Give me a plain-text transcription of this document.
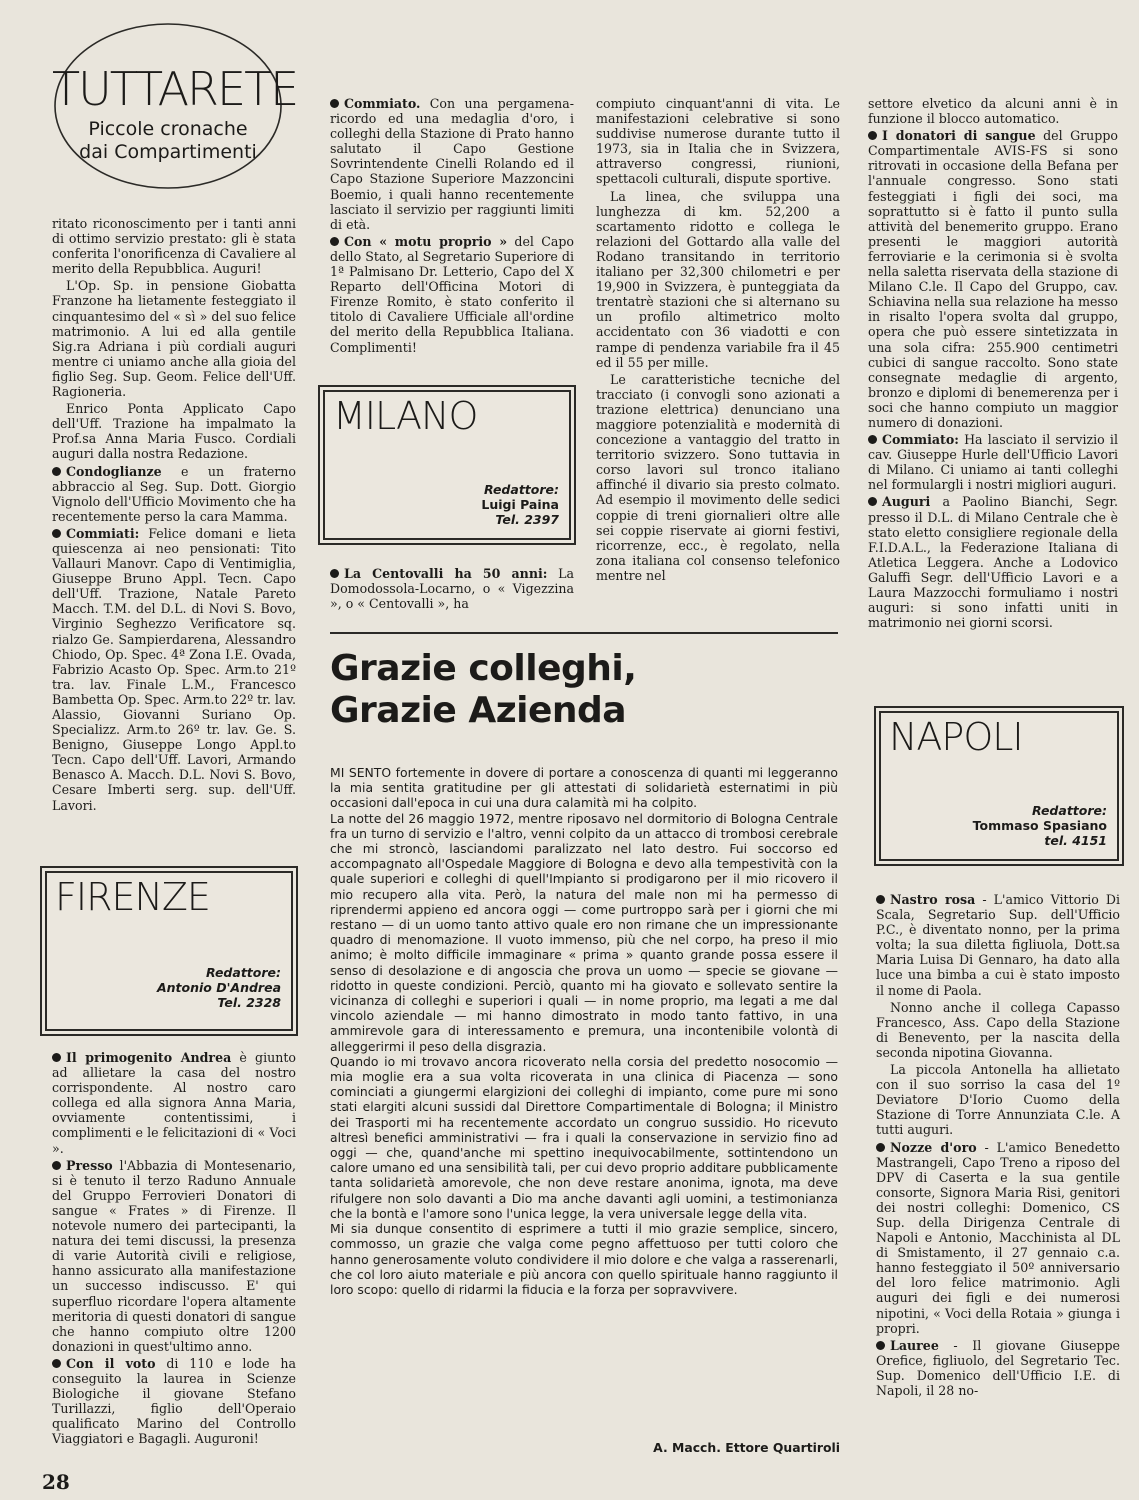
TUTTARETE
Piccole cronache
dai Compartimenti

ritato riconoscimento per i tanti anni di ottimo servizio prestato: gli è stata conferita l'onorificenza di Cavaliere al merito della Repubblica. Auguri!

L'Op. Sp. in pensione Giobatta Franzone ha lietamente festeggiato il cinquantesimo del « sì » del suo felice matrimonio. A lui ed alla gentile Sig.ra Adriana i più cordiali auguri mentre ci uniamo anche alla gioia del figlio Seg. Sup. Geom. Felice dell'Uff. Ragioneria.

Enrico Ponta Applicato Capo dell'Uff. Trazione ha impalmato la Prof.sa Anna Maria Fusco. Cordiali auguri dalla nostra Redazione.

Condoglianze e un fraterno abbraccio al Seg. Sup. Dott. Giorgio Vignolo dell'Ufficio Movimento che ha recentemente perso la cara Mamma.

Commiati: Felice domani e lieta quiescenza ai neo pensionati: Tito Vallauri Manovr. Capo di Ventimiglia, Giuseppe Bruno Appl. Tecn. Capo dell'Uff. Trazione, Natale Pareto Macch. T.M. del D.L. di Novi S. Bovo, Virginio Seghezzo Verificatore sq. rialzo Ge. Sampierdarena, Alessandro Chiodo, Op. Spec. 4ª Zona I.E. Ovada, Fabrizio Acasto Op. Spec. Arm.to 21º tra. lav. Finale L.M., Francesco Bambetta Op. Spec. Arm.to 22º tr. lav. Alassio, Giovanni Suriano Op. Specializz. Arm.to 26º tr. lav. Ge. S. Benigno, Giuseppe Longo Appl.to Tecn. Capo dell'Uff. Lavori, Armando Benasco A. Macch. D.L. Novi S. Bovo, Cesare Imberti serg. sup. dell'Uff. Lavori.

FIRENZE
Redattore:
Antonio D'Andrea
Tel. 2328

Il primogenito Andrea è giunto ad allietare la casa del nostro corrispondente. Al nostro caro collega ed alla signora Anna Maria, ovviamente contentissimi, i complimenti e le felicitazioni di « Voci ».

Presso l'Abbazia di Montesenario, si è tenuto il terzo Raduno Annuale del Gruppo Ferrovieri Donatori di sangue « Frates » di Firenze. Il notevole numero dei partecipanti, la natura dei temi discussi, la presenza di varie Autorità civili e religiose, hanno assicurato alla manifestazione un successo indiscusso. E' qui superfluo ricordare l'opera altamente meritoria di questi donatori di sangue che hanno compiuto oltre 1200 donazioni in quest'ultimo anno.

Con il voto di 110 e lode ha conseguito la laurea in Scienze Biologiche il giovane Stefano Turillazzi, figlio dell'Operaio qualificato Marino del Controllo Viaggiatori e Bagagli. Auguroni!

Commiato. Con una pergamena-ricordo ed una medaglia d'oro, i colleghi della Stazione di Prato hanno salutato il Capo Gestione Sovrintendente Cinelli Rolando ed il Capo Stazione Superiore Mazzoncini Boemio, i quali hanno recentemente lasciato il servizio per raggiunti limiti di età.

Con « motu proprio » del Capo dello Stato, al Segretario Superiore di 1ª Palmisano Dr. Letterio, Capo del X Reparto dell'Officina Motori di Firenze Romito, è stato conferito il titolo di Cavaliere Ufficiale all'ordine del merito della Repubblica Italiana. Complimenti!

MILANO
Redattore:
Luigi Paina
Tel. 2397

La Centovalli ha 50 anni: La Domodossola-Locarno, o « Vigezzina », o « Centovalli », ha

compiuto cinquant'anni di vita. Le manifestazioni celebrative si sono suddivise numerose durante tutto il 1973, sia in Italia che in Svizzera, attraverso congressi, riunioni, spettacoli culturali, dispute sportive.

La linea, che sviluppa una lunghezza di km. 52,200 a scartamento ridotto e collega le relazioni del Gottardo alla valle del Rodano transitando in territorio italiano per 32,300 chilometri e per 19,900 in Svizzera, è punteggiata da trentatrè stazioni che si alternano su un profilo altimetrico molto accidentato con 36 viadotti e con rampe di pendenza variabile fra il 45 ed il 55 per mille.

Le caratteristiche tecniche del tracciato (i convogli sono azionati a trazione elettrica) denunciano una maggiore potenzialità e modernità di concezione a vantaggio del tratto in territorio svizzero. Sono tuttavia in corso lavori sul tronco italiano affinché il divario sia presto colmato. Ad esempio il movimento delle sedici coppie di treni giornalieri oltre alle sei coppie riservate ai giorni festivi, ricorrenze, ecc., è regolato, nella zona italiana col consenso telefonico mentre nel

settore elvetico da alcuni anni è in funzione il blocco automatico.

I donatori di sangue del Gruppo Compartimentale AVIS-FS si sono ritrovati in occasione della Befana per l'annuale congresso. Sono stati festeggiati i figli dei soci, ma soprattutto si è fatto il punto sulla attività del benemerito gruppo. Erano presenti le maggiori autorità ferroviarie e la cerimonia si è svolta nella saletta riservata della stazione di Milano C.le. Il Capo del Gruppo, cav. Schiavina nella sua relazione ha messo in risalto l'opera svolta dal gruppo, opera che può essere sintetizzata in una sola cifra: 255.900 centimetri cubici di sangue raccolto. Sono state consegnate medaglie di argento, bronzo e diplomi di benemerenza per i soci che hanno compiuto un maggior numero di donazioni.

Commiato: Ha lasciato il servizio il cav. Giuseppe Hurle dell'Ufficio Lavori di Milano. Ci uniamo ai tanti colleghi nel formulargli i nostri migliori auguri.

Auguri a Paolino Bianchi, Segr. presso il D.L. di Milano Centrale che è stato eletto consigliere regionale della F.I.D.A.L., la Federazione Italiana di Atletica Leggera. Anche a Lodovico Galuffi Segr. dell'Ufficio Lavori e a Laura Mazzocchi formuliamo i nostri auguri: si sono infatti uniti in matrimonio nei giorni scorsi.

NAPOLI
Redattore:
Tommaso Spasiano
tel. 4151

Nastro rosa - L'amico Vittorio Di Scala, Segretario Sup. dell'Ufficio P.C., è diventato nonno, per la prima volta; la sua diletta figliuola, Dott.sa Maria Luisa Di Gennaro, ha dato alla luce una bimba a cui è stato imposto il nome di Paola.

Nonno anche il collega Capasso Francesco, Ass. Capo della Stazione di Benevento, per la nascita della seconda nipotina Giovanna.

La piccola Antonella ha allietato con il suo sorriso la casa del 1º Deviatore D'Iorio Cuomo della Stazione di Torre Annunziata C.le. A tutti auguri.

Nozze d'oro - L'amico Benedetto Mastrangeli, Capo Treno a riposo del DPV di Caserta e la sua gentile consorte, Signora Maria Risi, genitori dei nostri colleghi: Domenico, CS Sup. della Dirigenza Centrale di Napoli e Antonio, Macchinista al DL di Smistamento, il 27 gennaio c.a. hanno festeggiato il 50º anniversario del loro felice matrimonio. Agli auguri dei figli e dei numerosi nipotini, « Voci della Rotaia » giunga i propri.

Lauree - Il giovane Giuseppe Orefice, figliuolo, del Segretario Tec. Sup. Domenico dell'Ufficio I.E. di Napoli, il 28 no-

Grazie colleghi,
Grazie Azienda

MI SENTO fortemente in dovere di portare a conoscenza di quanti mi leggeranno la mia sentita gratitudine per gli attestati di solidarietà esternatimi in più occasioni dall'epoca in cui una dura calamità mi ha colpito.

La notte del 26 maggio 1972, mentre riposavo nel dormitorio di Bologna Centrale fra un turno di servizio e l'altro, venni colpito da un attacco di trombosi cerebrale che mi stroncò, lasciandomi paralizzato nel lato destro. Fui soccorso ed accompagnato all'Ospedale Maggiore di Bologna e devo alla tempestività con la quale superiori e colleghi di quell'Impianto si prodigarono per il mio ricovero il mio recupero alla vita. Però, la natura del male non mi ha permesso di riprendermi appieno ed ancora oggi — come purtroppo sarà per i giorni che mi restano — di un uomo tanto attivo quale ero non rimane che un impressionante quadro di menomazione. Il vuoto immenso, più che nel corpo, ha preso il mio animo; è molto difficile immaginare « prima » quanto grande possa essere il senso di desolazione e di angoscia che prova un uomo — specie se giovane — ridotto in queste condizioni. Perciò, quanto mi ha giovato e sollevato sentire la vicinanza di colleghi e superiori i quali — in nome proprio, ma legati a me dal vincolo aziendale — mi hanno dimostrato in modo tanto fattivo, in una ammirevole gara di interessamento e premura, una incontenibile volontà di alleggerirmi il peso della disgrazia.

Quando io mi trovavo ancora ricoverato nella corsia del predetto nosocomio — mia moglie era a sua volta ricoverata in una clinica di Piacenza — sono cominciati a giungermi elargizioni dei colleghi di impianto, come pure mi sono stati elargiti alcuni sussidi dal Direttore Compartimentale di Bologna; il Ministro dei Trasporti mi ha recentemente accordato un congruo sussidio. Ho ricevuto altresì benefici amministrativi — fra i quali la conservazione in servizio fino ad oggi — che, quand'anche mi spettino inequivocabilmente, sottintendono un calore umano ed una sensibilità tali, per cui devo proprio additare pubblicamente tanta solidarietà amorevole, che non deve restare anonima, ignota, ma deve rifulgere non solo davanti a Dio ma anche davanti agli uomini, a testimonianza che la bontà e l'amore sono l'unica legge, la vera universale legge della vita.

Mi sia dunque consentito di esprimere a tutti il mio grazie semplice, sincero, commosso, un grazie che valga come pegno affettuoso per tutti coloro che hanno generosamente voluto condividere il mio dolore e che valga a rasserenarli, che col loro aiuto materiale e più ancora con quello spirituale hanno raggiunto il loro scopo: quello di ridarmi la fiducia e la forza per sopravvivere.

A. Macch. Ettore Quartiroli
28
